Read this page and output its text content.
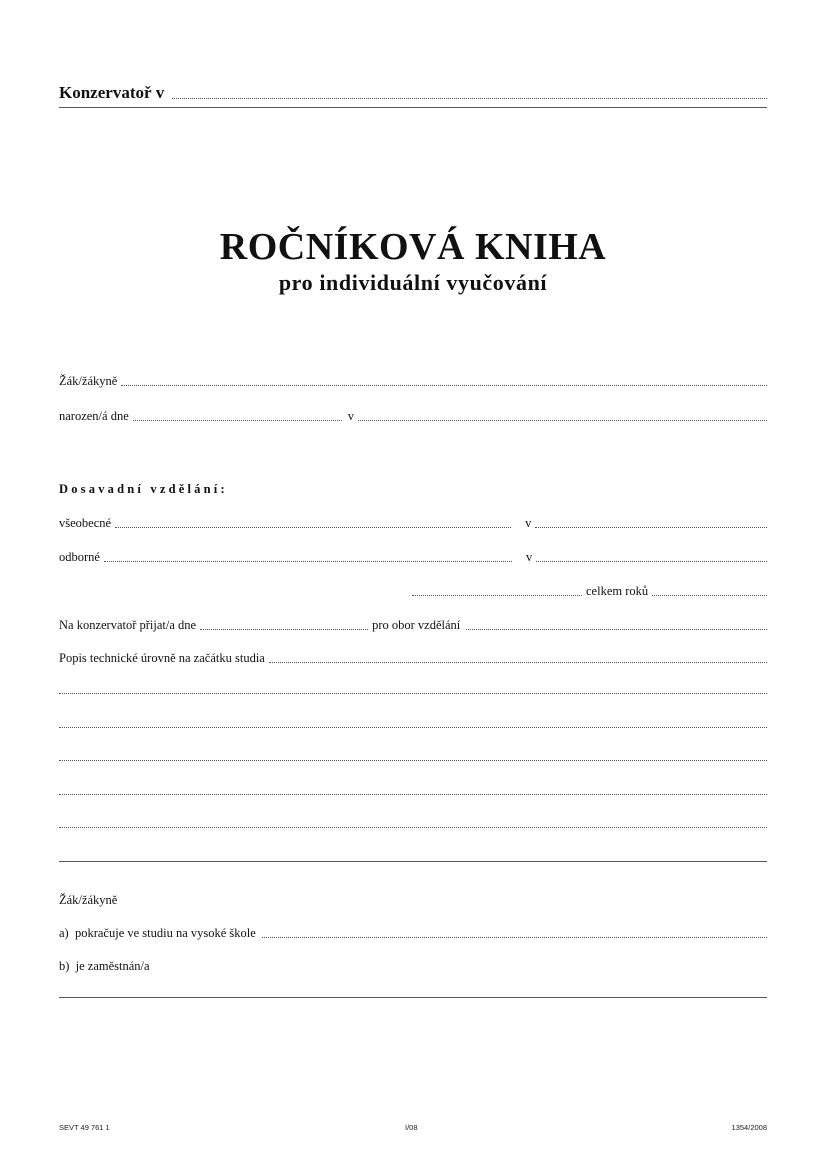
Konzervatoř v
ROČNÍKOVÁ KNIHA
pro individuální vyučování
Žák/žákyně
narozen/á dne	v
Dosavadní vzdělání:
všeobecné	v
odborné	v
celkem roků
Na konzervatoř přijat/a dne	pro obor vzdělání
Popis technické úrovně na začátku studia
Žák/žákyně
a)  pokračuje ve studiu na vysoké škole
b)  je zaměstnán/a
SEVT 49 761 1	I/08	1354/2008
